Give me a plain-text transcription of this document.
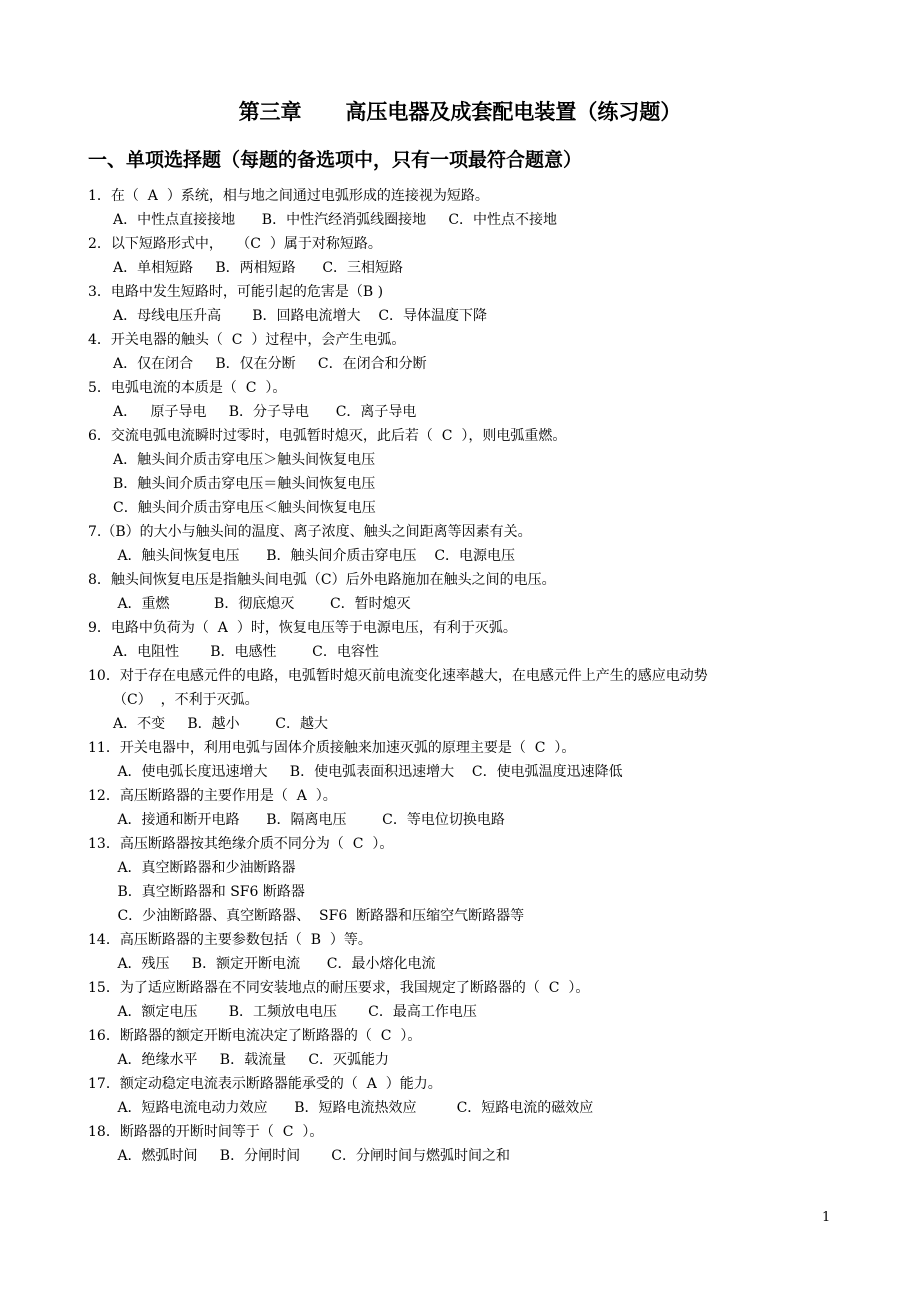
第三章      高压电器及成套配电装置（练习题）
一、单项选择题（每题的备选项中，只有一项最符合题意）
1．在（  A  ）系统，相与地之间通过电弧形成的连接视为短路。
A．中性点直接接地      B．中性汽经消弧线圈接地     C．中性点不接地
2．以下短路形式中，   （C  ）属于对称短路。
A．单相短路     B．两相短路      C．三相短路
3．电路中发生短路时，可能引起的危害是（B )
A．母线电压升高       B．回路电流增大    C．导体温度下降
4．开关电器的触头（  C  ）过程中，会产生电弧。
A．仅在闭合     B．仅在分断     C．在闭合和分断
5．电弧电流的本质是（  C  ）。
A．   原子导电     B．分子导电      C．离子导电
6．交流电弧电流瞬时过零时，电弧暂时熄灭，此后若（  C  ），则电弧重燃。
A．触头间介质击穿电压＞触头间恢复电压
B．触头间介质击穿电压＝触头间恢复电压
C．触头间介质击穿电压＜触头间恢复电压
7.（B）的大小与触头间的温度、离子浓度、触头之间距离等因素有关。
A．触头间恢复电压      B．触头间介质击穿电压    C．电源电压
8．触头间恢复电压是指触头间电弧（C）后外电路施加在触头之间的电压。
A．重燃          B．彻底熄灭        C．暂时熄灭
9．电路中负荷为（  A  ）时，恢复电压等于电源电压，有利于灭弧。
A．电阻性       B．电感性        C．电容性
10．对于存在电感元件的电路，电弧暂时熄灭前电流变化速率越大，在电感元件上产生的感应电动势
（C）  ，不利于灭弧。
A．不变     B．越小        C．越大
11．开关电器中，利用电弧与固体介质接触来加速灭弧的原理主要是（  C  ）。
A．使电弧长度迅速增大     B．使电弧表面积迅速增大    C．使电弧温度迅速降低
12．高压断路器的主要作用是（  A  ）。
A．接通和断开电路      B．隔离电压        C．等电位切换电路
13．高压断路器按其绝缘介质不同分为（  C  ）。
A．真空断路器和少油断路器
B．真空断路器和 SF6 断路器
C．少油断路器、真空断路器、  SF6  断路器和压缩空气断路器等
14．高压断路器的主要参数包括（  B  ）等。
A．残压     B．额定开断电流      C．最小熔化电流
15．为了适应断路器在不同安装地点的耐压要求，我国规定了断路器的（  C  ）。
A．额定电压       B．工频放电电压       C．最高工作电压
16．断路器的额定开断电流决定了断路器的（  C  ）。
A．绝缘水平     B．载流量     C．灭弧能力
17．额定动稳定电流表示断路器能承受的（  A  ）能力。
A．短路电流电动力效应      B．短路电流热效应         C．短路电流的磁效应
18．断路器的开断时间等于（  C  ）。
A．燃弧时间     B．分闸时间       C．分闸时间与燃弧时间之和
1
